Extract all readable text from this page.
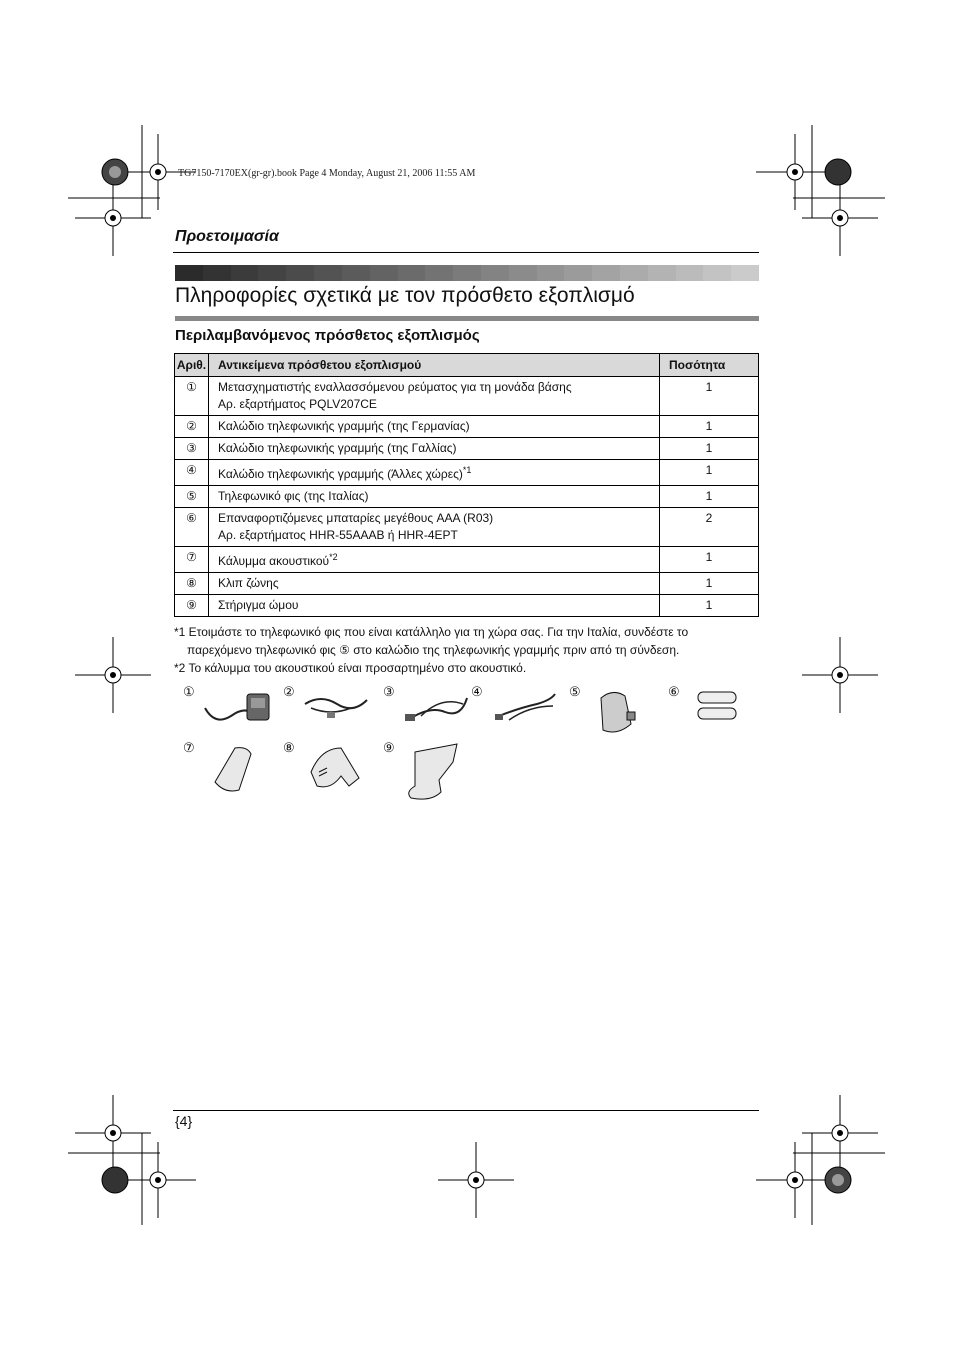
TG7150-7170EX(gr-gr).book Page 4 Monday, August 21, 2006 11:55 AM
Προετοιμασία
Πληροφορίες σχετικά με τον πρόσθετο εξοπλισμό
Περιλαμβανόμενος πρόσθετος εξοπλισμός
Αριθ.	Αντικείμενα πρόσθετου εξοπλισμού	Ποσότητα
①	Μετασχηματιστής εναλλασσόμενου ρεύματος για τη μονάδα βάσης
Αρ. εξαρτήματος PQLV207CE	1
②	Καλώδιο τηλεφωνικής γραμμής (της Γερμανίας)	1
③	Καλώδιο τηλεφωνικής γραμμής (της Γαλλίας)	1
④	Καλώδιο τηλεφωνικής γραμμής (Άλλες χώρες)$^{*1}$	1
⑤	Τηλεφωνικό φις (της Ιταλίας)	1
⑥	Επαναφορτιζόμενες μπαταρίες μεγέθους AAA (R03)
Αρ. εξαρτήματος HHR-55AAAB ή HHR-4EPT	2
⑦	Κάλυμμα ακουστικού$^{*2}$	1
⑧	Κλιπ ζώνης	1
⑨	Στήριγμα ώμου	1
*1 Ετοιμάστε το τηλεφωνικό φις που είναι κατάλληλο για τη χώρα σας. Για την Ιταλία, συνδέστε το
παρεχόμενο τηλεφωνικό φις ⑤ στο καλώδιο της τηλεφωνικής γραμμής πριν από τη σύνδεση.
*2 Το κάλυμμα του ακουστικού είναι προσαρτημένο στο ακουστικό.
①	②	③	④	⑤	⑥
⑦	⑧	⑨
{4}
